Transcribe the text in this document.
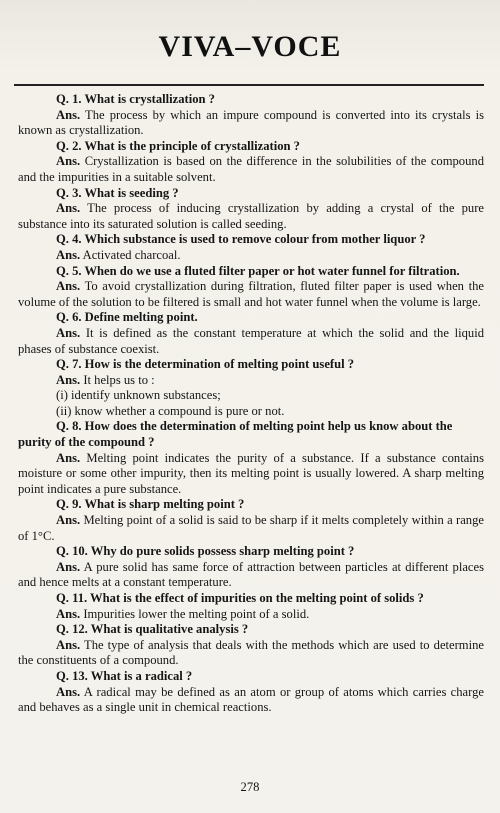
VIVA–VOCE

Q. 1. What is crystallization ?

Ans. The process by which an impure compound is converted into its crystals is known as crystallization.

Q. 2. What is the principle of crystallization ?

Ans. Crystallization is based on the difference in the solubilities of the compound and the impurities in a suitable solvent.

Q. 3. What is seeding ?

Ans. The process of inducing crystallization by adding a crystal of the pure substance into its saturated solution is called seeding.

Q. 4. Which substance is used to remove colour from mother liquor ?

Ans. Activated charcoal.

Q. 5. When do we use a fluted filter paper or hot water funnel for filtration.

Ans. To avoid crystallization during filtration, fluted filter paper is used when the volume of the solution to be filtered is small and hot water funnel when the volume is large.

Q. 6. Define melting point.

Ans. It is defined as the constant temperature at which the solid and the liquid phases of substance coexist.

Q. 7. How is the determination of melting point useful ?

Ans. It helps us to :

(i) identify unknown substances;

(ii) know whether a compound is pure or not.

Q. 8. How does the determination of melting point help us know about the purity of the compound ?

Ans. Melting point indicates the purity of a substance. If a substance contains moisture or some other impurity, then its melting point is usually lowered. A sharp melting point indicates a pure substance.

Q. 9. What is sharp melting point ?

Ans. Melting point of a solid is said to be sharp if it melts completely within a range of 1°C.

Q. 10. Why do pure solids possess sharp melting point ?

Ans. A pure solid has same force of attraction between particles at different places and hence melts at a constant temperature.

Q. 11. What is the effect of impurities on the melting point of solids ?

Ans. Impurities lower the melting point of a solid.

Q. 12. What is qualitative analysis ?

Ans. The type of analysis that deals with the methods which are used to determine the constituents of a compound.

Q. 13. What is a radical ?

Ans. A radical may be defined as an atom or group of atoms which carries charge and behaves as a single unit in chemical reactions.

278
